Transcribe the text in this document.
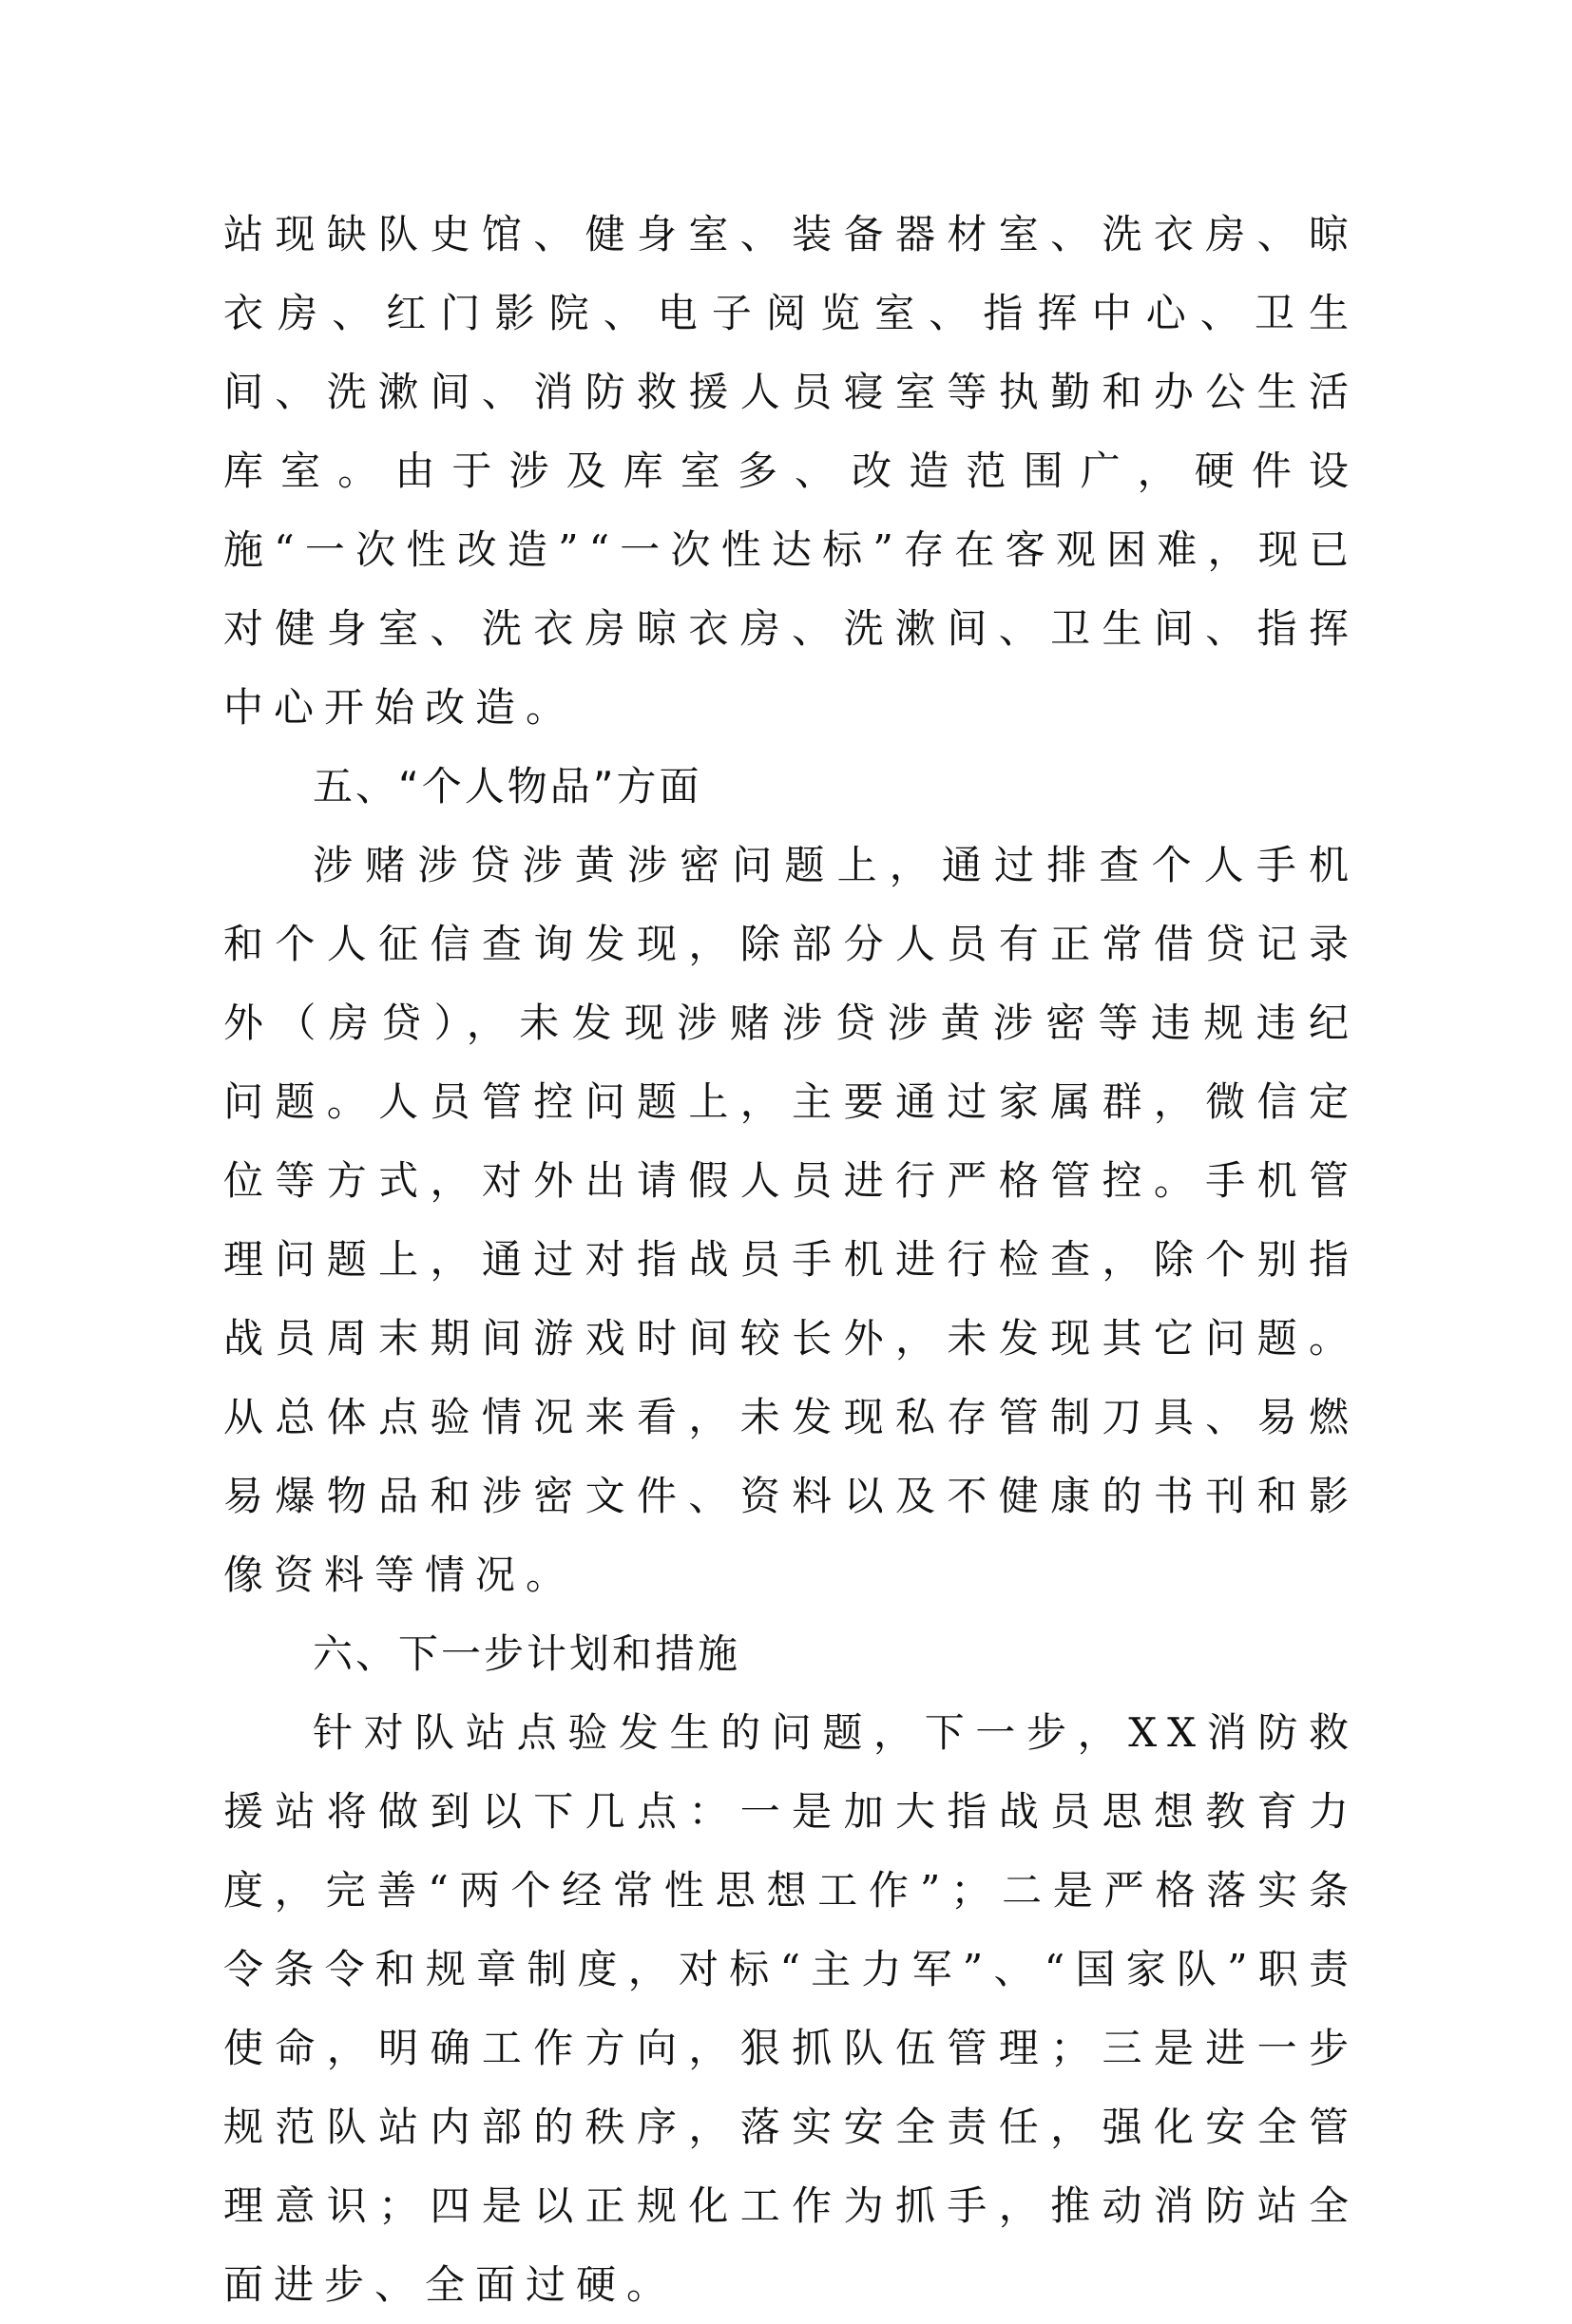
站现缺队史馆、健身室、装备器材室、洗衣房、晾衣房、红门影院、电子阅览室、指挥中心、卫生间、洗漱间、消防救援人员寝室等执勤和办公生活库室。由于涉及库室多、改造范围广，硬件设施“一次性改造”“一次性达标”存在客观困难，现已对健身室、洗衣房晾衣房、洗漱间、卫生间、指挥中心开始改造。

五、“个人物品”方面

涉赌涉贷涉黄涉密问题上，通过排查个人手机和个人征信查询发现，除部分人员有正常借贷记录外（房贷），未发现涉赌涉贷涉黄涉密等违规违纪问题。人员管控问题上，主要通过家属群，微信定位等方式，对外出请假人员进行严格管控。手机管理问题上，通过对指战员手机进行检查，除个别指战员周末期间游戏时间较长外，未发现其它问题。从总体点验情况来看，未发现私存管制刀具、易燃易爆物品和涉密文件、资料以及不健康的书刊和影像资料等情况。

六、下一步计划和措施

针对队站点验发生的问题，下一步，XX消防救援站将做到以下几点：一是加大指战员思想教育力度，完善“两个经常性思想工作”；二是严格落实条令条令和规章制度，对标“主力军”、“国家队”职责使命，明确工作方向，狠抓队伍管理；三是进一步规范队站内部的秩序，落实安全责任，强化安全管理意识；四是以正规化工作为抓手，推动消防站全面进步、全面过硬。
